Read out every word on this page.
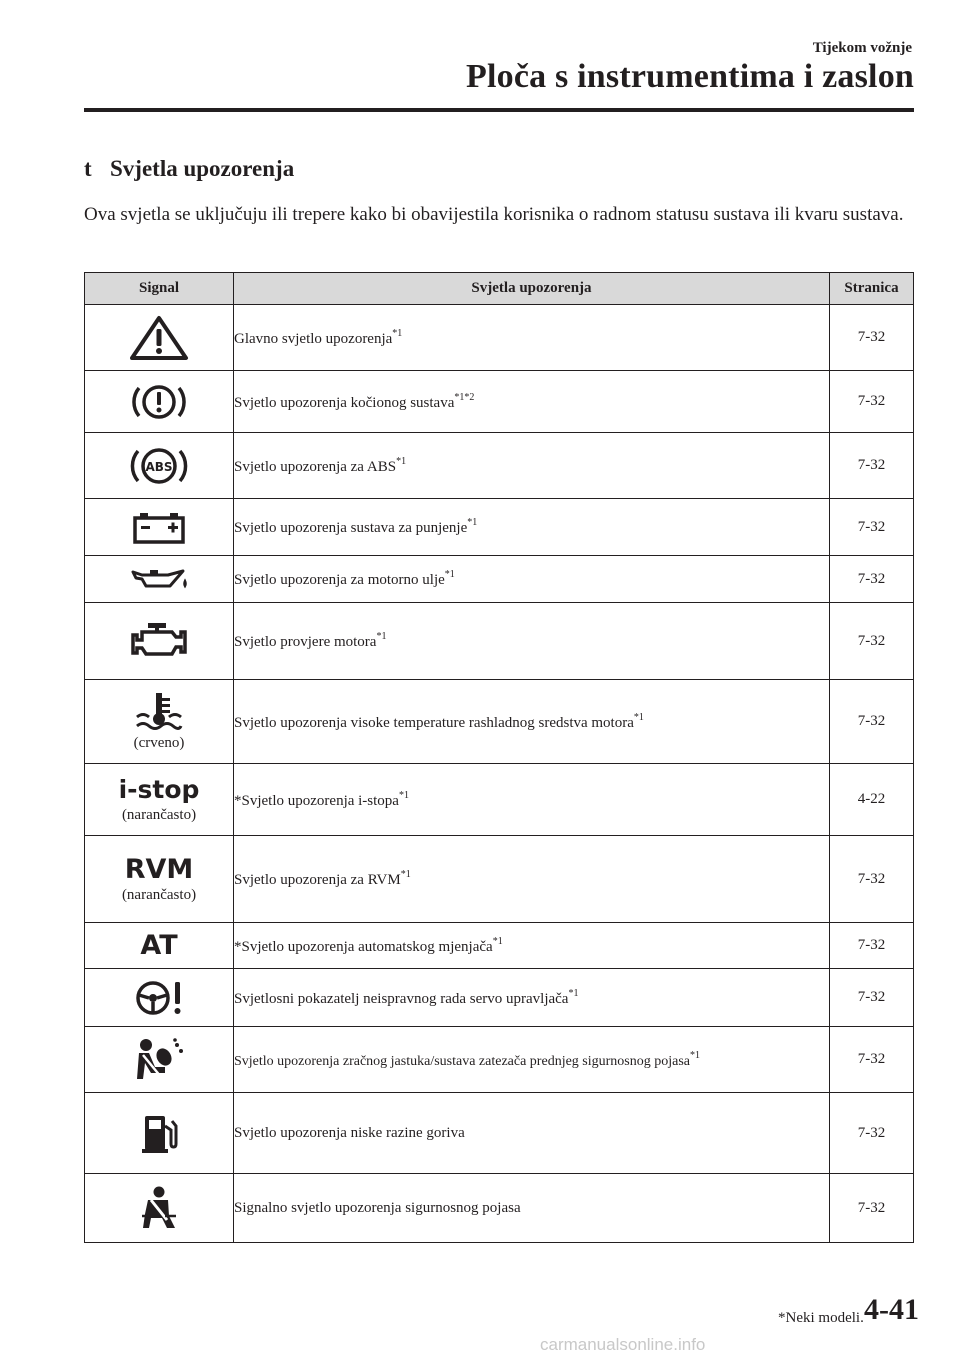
Tijekom vožnje
Ploča s instrumentima i zaslon
t Svjetla upozorenja
Ova svjetla se uključuju ili trepere kako bi obavijestila korisnika o radnom statusu sustava ili kvaru sustava.
Signal	Svjetla upozorenja	Stranica

	Glavno svjetlo upozorenja$^{*1}$	7-32

	Svjetlo upozorenja kočionog sustava$^{*1*2}$	7-32

ABS	Svjetlo upozorenja za ABS$^{*1}$	7-32

	Svjetlo upozorenja sustava za punjenje$^{*1}$	7-32

	Svjetlo upozorenja za motorno ulje$^{*1}$	7-32

	Svjetlo provjere motora$^{*1}$	7-32

(crveno)	Svjetlo upozorenja visoke temperature rashladnog sredstva motora$^{*1}$	7-32

i-stop
(narančasto)	*Svjetlo upozorenja i-stopa$^{*1}$	4-22

RVM
(narančasto)	Svjetlo upozorenja za RVM$^{*1}$	7-32

AT	*Svjetlo upozorenja automatskog mjenjača$^{*1}$	7-32

	Svjetlosni pokazatelj neispravnog rada servo upravljača$^{*1}$	7-32

	Svjetlo upozorenja zračnog jastuka/sustava zatezača prednjeg sigurnosnog pojasa$^{*1}$	7-32

	Svjetlo upozorenja niske razine goriva	7-32

	Signalno svjetlo upozorenja sigurnosnog pojasa	7-32
*Neki modeli. 4-41
carmanualsonline.info
